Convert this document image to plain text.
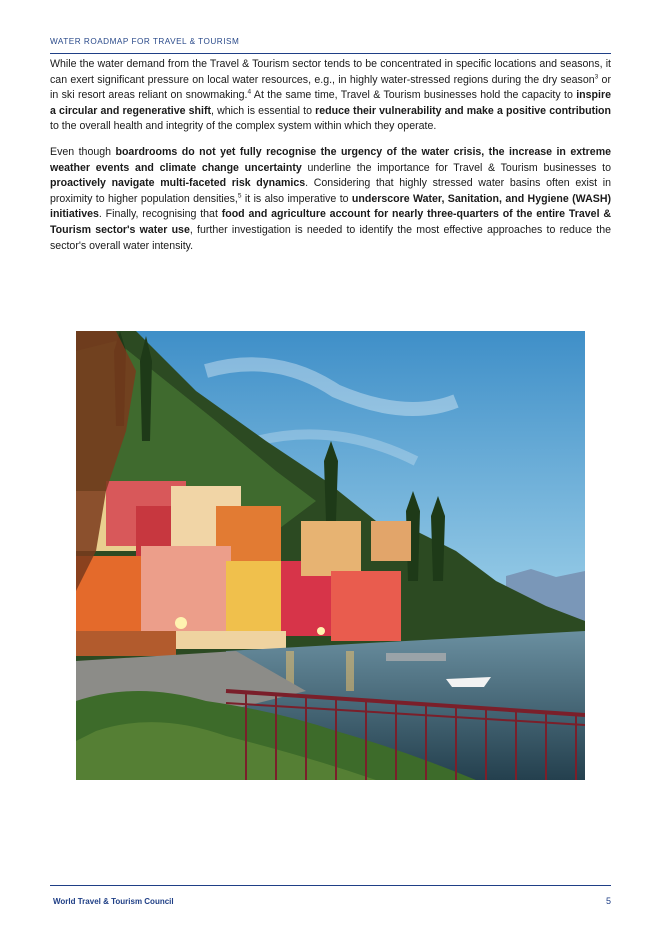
WATER ROADMAP FOR TRAVEL & TOURISM

While the water demand from the Travel & Tourism sector tends to be concentrated in specific locations and seasons, it can exert significant pressure on local water resources, e.g., in highly water-stressed regions during the dry season$^3$ or in ski resort areas reliant on snowmaking.$^4$ At the same time, Travel & Tourism businesses hold the capacity to inspire a circular and regenerative shift, which is essential to reduce their vulnerability and make a positive contribution to the overall health and integrity of the complex system within which they operate.

Even though boardrooms do not yet fully recognise the urgency of the water crisis, the increase in extreme weather events and climate change uncertainty underline the importance for Travel & Tourism businesses to proactively navigate multi-faceted risk dynamics. Considering that highly stressed water basins often exist in proximity to higher population densities,$^5$ it is also imperative to underscore Water, Sanitation, and Hygiene (WASH) initiatives. Finally, recognising that food and agriculture account for nearly three-quarters of the entire Travel & Tourism sector's water use, further investigation is needed to identify the most effective approaches to reduce the sector's overall water intensity.

World Travel & Tourism Council	5
